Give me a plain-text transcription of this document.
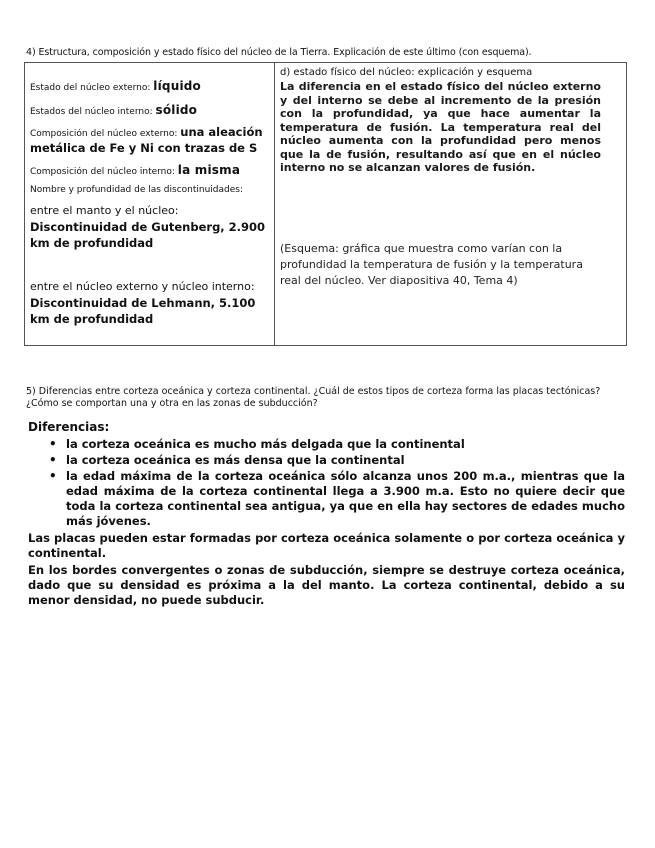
4) Estructura, composición y estado físico del núcleo de la Tierra. Explicación de este último (con esquema).
Estado del núcleo externo: líquido
Estados del núcleo interno: sólido
Composición del núcleo externo: una aleación metálica de Fe y Ni con trazas de S
Composición del núcleo interno: la misma
Nombre y profundidad de las discontinuidades:
entre el manto y el núcleo:
Discontinuidad de Gutenberg, 2.900 km de profundidad
entre el núcleo externo y núcleo interno:
Discontinuidad de Lehmann, 5.100 km de profundidad

d) estado físico del núcleo: explicación y esquema
La diferencia en el estado físico del núcleo externo y del interno se debe al incremento de la presión con la profundidad, ya que hace aumentar la temperatura de fusión. La temperatura real del núcleo aumenta con la profundidad pero menos que la de fusión, resultando así que en el núcleo interno no se alcanzan valores de fusión.
(Esquema: gráfica que muestra como varían con la profundidad la temperatura de fusión y la temperatura real del núcleo. Ver diapositiva 40, Tema 4)
5) Diferencias entre corteza oceánica y corteza continental. ¿Cuál de estos tipos de corteza forma las placas tectónicas? ¿Cómo se comportan una y otra en las zonas de subducción?
Diferencias:
• la corteza oceánica es mucho más delgada que la continental
• la corteza oceánica es más densa que la continental
• la edad máxima de la corteza oceánica sólo alcanza unos 200 m.a., mientras que la edad máxima de la corteza continental llega a 3.900 m.a. Esto no quiere decir que toda la corteza continental sea antigua, ya que en ella hay sectores de edades mucho más jóvenes.
Las placas pueden estar formadas por corteza oceánica solamente o por corteza oceánica y continental.
En los bordes convergentes o zonas de subducción, siempre se destruye corteza oceánica, dado que su densidad es próxima a la del manto. La corteza continental, debido a su menor densidad, no puede subducir.
